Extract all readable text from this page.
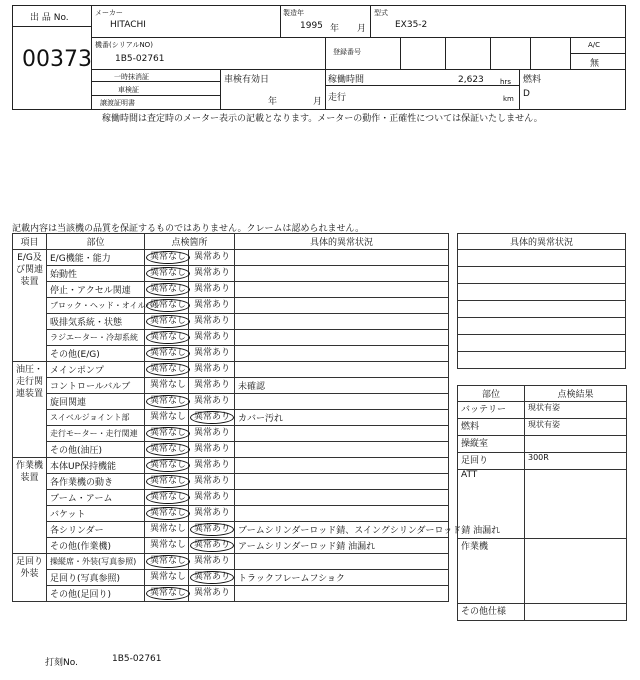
出 品 No.
00373
メーカー
HITACHI
製造年
1995 年 月
型式
EX35-2
機番(シリアルNO)
1B5-02761
登録番号
A/C
無
一時抹消証
車検証
譲渡証明書
車検有効日
年	月
稼働時間	2,623 hrs
走行	km
燃料
D
稼働時間は査定時のメーター表示の記載となります。メーターの動作・正確性については保証いたしません。
記載内容は当該機の品質を保証するものではありません。クレームは認められません。
項目	部位	点検箇所		具体的異常状況
E/G及び関連装置	E/G機能・能力	異常なし	異常あり	
	始動性	異常なし	異常あり	
	停止・アクセル関連	異常なし	異常あり	
	ブロック・ヘッド・オイルパン	異常なし	異常あり	
	吸排気系統・状態	異常なし	異常あり	
	ラジエーター・冷却系統	異常なし	異常あり	
	その他(E/G)	異常なし	異常あり	
油圧・走行関連装置	メインポンプ	異常なし	異常あり	
	コントロールバルブ	異常なし	異常あり	未確認
	旋回関連	異常なし	異常あり	
	スイベルジョイント部	異常なし	異常あり	カバー汚れ
	走行モーター・走行関連	異常なし	異常あり	
	その他(油圧)	異常なし	異常あり	
作業機装置	本体UP保持機能	異常なし	異常あり	
	各作業機の動き	異常なし	異常あり	
	ブーム・アーム	異常なし	異常あり	
	バケット	異常なし	異常あり	
	各シリンダー	異常なし	異常あり	ブームシリンダーロッド錆、スイングシリンダーロッド錆 油漏れ
	その他(作業機)	異常なし	異常あり	アームシリンダーロッド錆 油漏れ
足回り外装	操縦席・外装(写真参照)	異常なし	異常あり	
	足回り(写真参照)	異常なし	異常あり	トラックフレームフショク
	その他(足回り)	異常なし	異常あり	
具体的異常状況

部位	点検結果
バッテリー	現状有姿
燃料	現状有姿
操縦室	
足回り	300R
ATT	
作業機	
その他仕様	
打刻No.	1B5-02761
